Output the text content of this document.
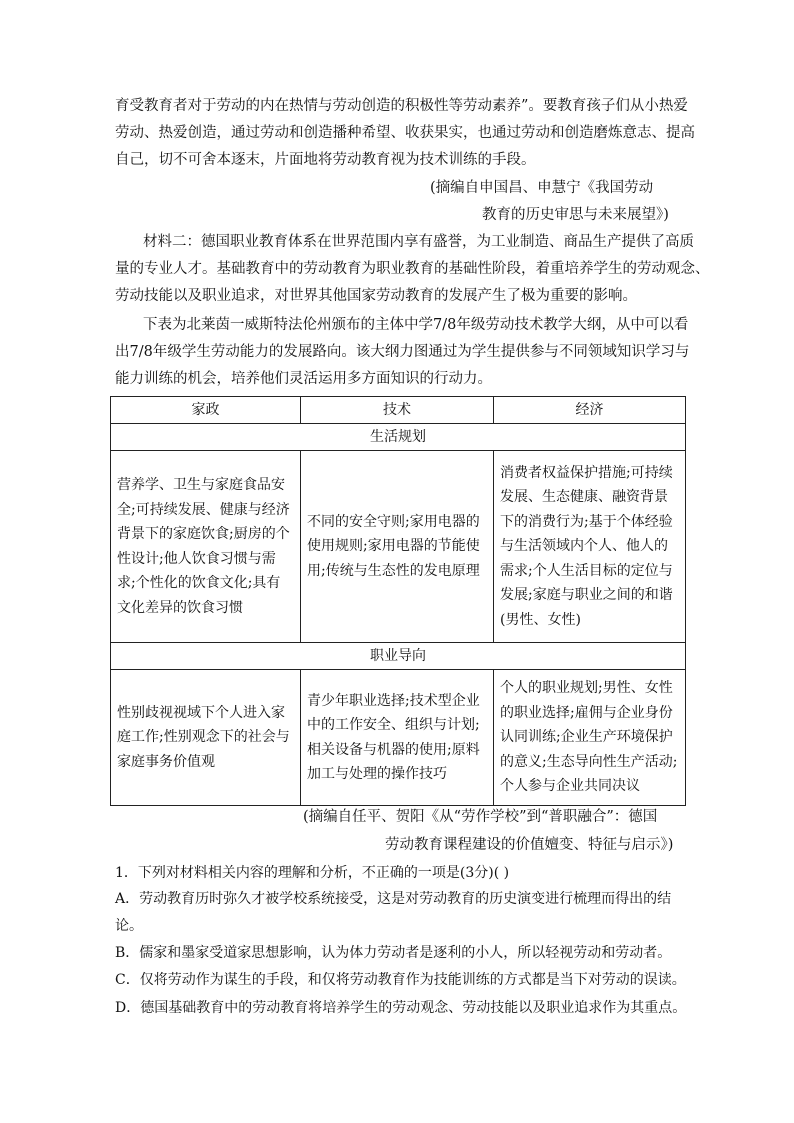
育受教育者对于劳动的内在热情与劳动创造的积极性等劳动素养”。要教育孩子们从小热爱
劳动、热爱创造，通过劳动和创造播种希望、收获果实，也通过劳动和创造磨炼意志、提高
自己，切不可舍本逐末，片面地将劳动教育视为技术训练的手段。
(摘编自申国昌、申慧宁《我国劳动
教育的历史审思与未来展望》)
材料二：德国职业教育体系在世界范围内享有盛誉，为工业制造、商品生产提供了高质
量的专业人才。基础教育中的劳动教育为职业教育的基础性阶段，着重培养学生的劳动观念、
劳动技能以及职业追求，对世界其他国家劳动教育的发展产生了极为重要的影响。
下表为北莱茵一威斯特法伦州颁布的主体中学7/8年级劳动技术教学大纲，从中可以看
出7/8年级学生劳动能力的发展路向。该大纲力图通过为学生提供参与不同领域知识学习与
能力训练的机会，培养他们灵活运用多方面知识的行动力。
家政	技术	经济
生活规划		
营养学、卫生与家庭食品安全;可持续发展、健康与经济背景下的家庭饮食;厨房的个性设计;他人饮食习惯与需求;个性化的饮食文化;具有文化差异的饮食习惯	不同的安全守则;家用电器的使用规则;家用电器的节能使用;传统与生态性的发电原理	消费者权益保护措施;可持续发展、生态健康、融资背景下的消费行为;基于个体经验与生活领域内个人、他人的需求;个人生活目标的定位与发展;家庭与职业之间的和谐(男性、女性)
职业导向		
性别歧视视域下个人进入家庭工作;性别观念下的社会与家庭事务价值观	青少年职业选择;技术型企业中的工作安全、组织与计划;相关设备与机器的使用;原料加工与处理的操作技巧	个人的职业规划;男性、女性的职业选择;雇佣与企业身份认同训练;企业生产环境保护的意义;生态导向性生产活动;个人参与企业共同决议
(摘编自任平、贺阳《从“劳作学校”到“普职融合”：德国
劳动教育课程建设的价值嬗变、特征与启示》)
1．下列对材料相关内容的理解和分析，不正确的一项是(3分)( )
A．劳动教育历时弥久才被学校系统接受，这是对劳动教育的历史演变进行梳理而得出的结
论。
B．儒家和墨家受道家思想影响，认为体力劳动者是逐利的小人，所以轻视劳动和劳动者。
C．仅将劳动作为谋生的手段，和仅将劳动教育作为技能训练的方式都是当下对劳动的误读。
D．德国基础教育中的劳动教育将培养学生的劳动观念、劳动技能以及职业追求作为其重点。
